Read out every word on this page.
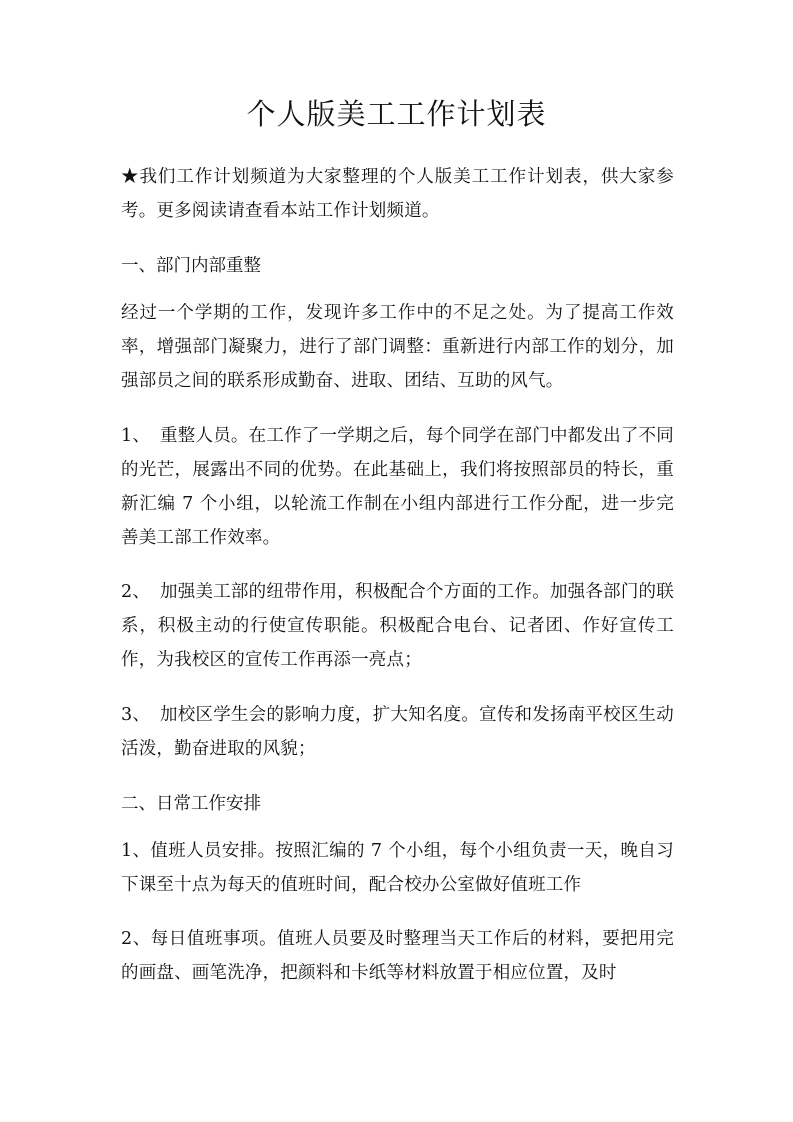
个人版美工工作计划表

★我们工作计划频道为大家整理的个人版美工工作计划表，供大家参考。更多阅读请查看本站工作计划频道。

一、部门内部重整

经过一个学期的工作，发现许多工作中的不足之处。为了提高工作效率，增强部门凝聚力，进行了部门调整：重新进行内部工作的划分，加强部员之间的联系形成勤奋、进取、团结、互助的风气。

1、 重整人员。在工作了一学期之后，每个同学在部门中都发出了不同的光芒，展露出不同的优势。在此基础上，我们将按照部员的特长，重新汇编 7 个小组，以轮流工作制在小组内部进行工作分配，进一步完善美工部工作效率。

2、 加强美工部的纽带作用，积极配合个方面的工作。加强各部门的联系，积极主动的行使宣传职能。积极配合电台、记者团、作好宣传工作，为我校区的宣传工作再添一亮点；

3、 加校区学生会的影响力度，扩大知名度。宣传和发扬南平校区生动活泼，勤奋进取的风貌；

二、日常工作安排

1、值班人员安排。按照汇编的 7 个小组，每个小组负责一天，晚自习下课至十点为每天的值班时间，配合校办公室做好值班工作

2、每日值班事项。值班人员要及时整理当天工作后的材料，要把用完的画盘、画笔洗净，把颜料和卡纸等材料放置于相应位置，及时
